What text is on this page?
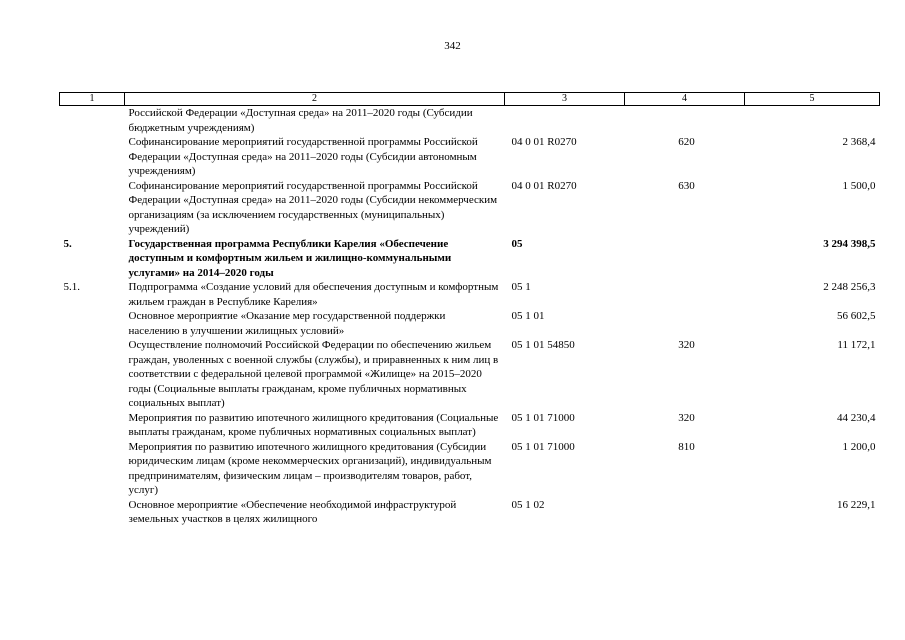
342
1	2	3	4	5
	Российской Федерации «Доступная среда» на 2011–2020 годы (Субсидии бюджетным учреждениям)			
	Софинансирование мероприятий государственной программы Российской Федерации «Доступная среда» на 2011–2020 годы (Субсидии автономным учреждениям)	04 0 01 R0270	620	2 368,4
	Софинансирование мероприятий государственной программы Российской Федерации «Доступная среда» на 2011–2020 годы (Субсидии некоммерческим организациям (за исключением государственных (муниципальных) учреждений)	04 0 01 R0270	630	1 500,0
5.	Государственная программа Республики Карелия «Обеспечение доступным и комфортным жильем и жилищно-коммунальными услугами» на 2014–2020 годы	05		3 294 398,5
5.1.	Подпрограмма «Создание условий для обеспечения доступным и комфортным жильем граждан в Республике Карелия»	05 1		2 248 256,3
	Основное мероприятие «Оказание мер государственной поддержки населению в улучшении жилищных условий»	05 1 01		56 602,5
	Осуществление полномочий Российской Федерации по обеспечению жильем граждан, уволенных с военной службы (службы), и приравненных к ним лиц в соответствии с федеральной целевой программой «Жилище» на 2015–2020 годы (Социальные выплаты гражданам, кроме публичных нормативных социальных выплат)	05 1 01 54850	320	11 172,1
	Мероприятия по развитию ипотечного жилищного кредитования (Социальные выплаты гражданам, кроме публичных нормативных социальных выплат)	05 1 01 71000	320	44 230,4
	Мероприятия по развитию ипотечного жилищного кредитования (Субсидии юридическим лицам (кроме некоммерческих организаций), индивидуальным предпринимателям, физическим лицам – производителям товаров, работ, услуг)	05 1 01 71000	810	1 200,0
	Основное мероприятие «Обеспечение необходимой инфраструктурой земельных участков в целях жилищного	05 1 02		16 229,1
